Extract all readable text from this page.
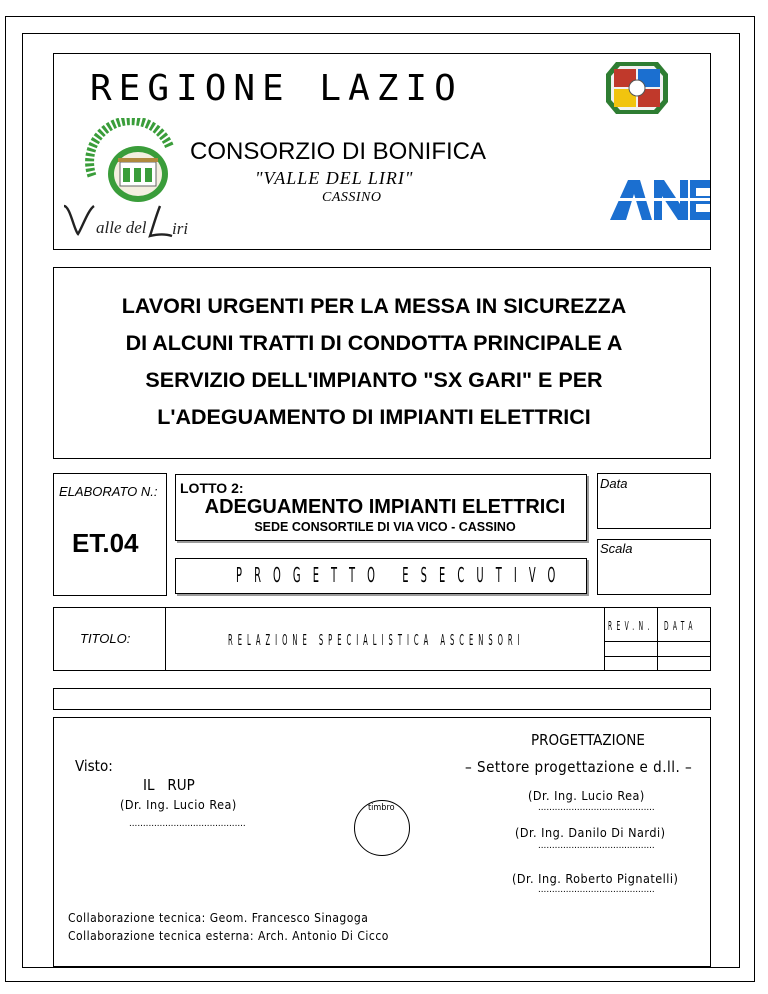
REGIONE LAZIO
alle del iri
CONSORZIO DI BONIFICA
"VALLE DEL LIRI"
CASSINO
LAVORI URGENTI PER LA MESSA IN SICUREZZA
DI ALCUNI TRATTI DI CONDOTTA PRINCIPALE A
SERVIZIO DELL'IMPIANTO "SX GARI" E PER
L'ADEGUAMENTO DI IMPIANTI ELETTRICI
ELABORATO N.:
ET.04
LOTTO 2:
ADEGUAMENTO IMPIANTI ELETTRICI
SEDE CONSORTILE DI VIA VICO - CASSINO
PROGETTO ESECUTIVO
Data
Scala
TITOLO:	RELAZIONE SPECIALISTICA ASCENSORI
REV.N. DATA
Visto:
IL   RUP
(Dr. Ing. Lucio Rea)
..........................................
timbro
PROGETTAZIONE
– Settore progettazione e d.ll. –
(Dr. Ing. Lucio Rea)
..........................................
(Dr. Ing. Danilo Di Nardi)
..........................................
(Dr. Ing. Roberto Pignatelli)
..........................................
Collaborazione tecnica: Geom. Francesco Sinagoga
Collaborazione tecnica esterna: Arch. Antonio Di Cicco
